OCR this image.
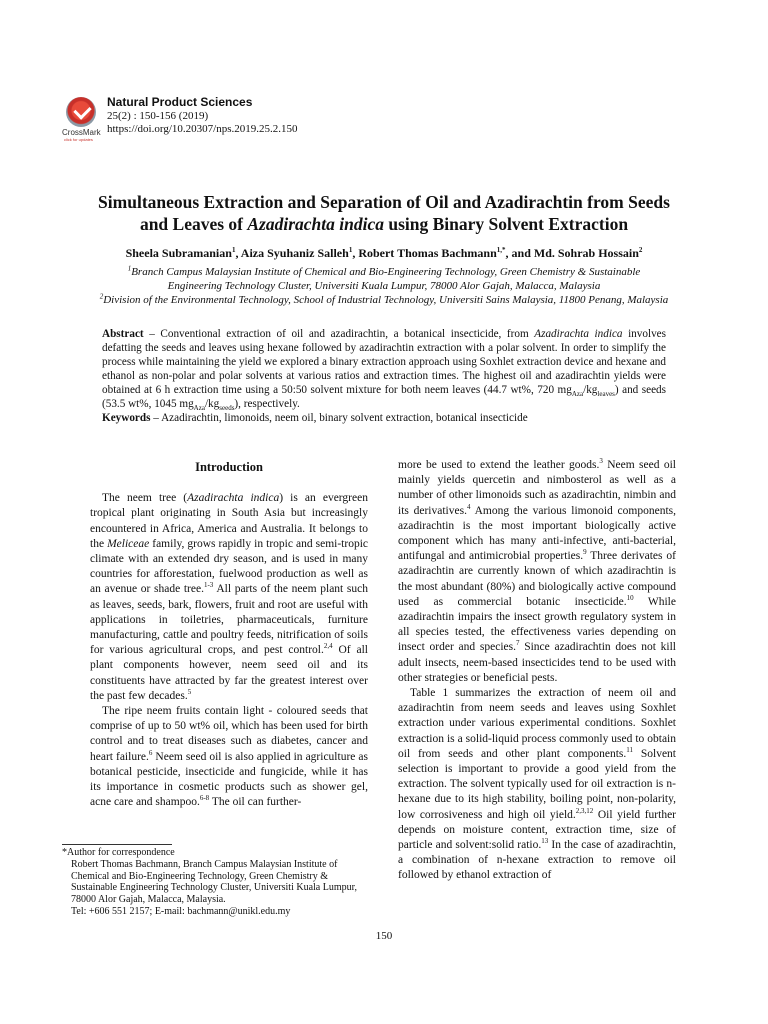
CrossMark
click for updates
Natural Product Sciences
25(2) : 150-156 (2019)
https://doi.org/10.20307/nps.2019.25.2.150
Simultaneous Extraction and Separation of Oil and Azadirachtin from Seeds
and Leaves of Azadirachta indica using Binary Solvent Extraction
Sheela Subramanian$^1$, Aiza Syuhaniz Salleh$^1$, Robert Thomas Bachmann$^{1,*}$, and Md. Sohrab Hossain$^2$
$^1$Branch Campus Malaysian Institute of Chemical and Bio-Engineering Technology, Green Chemistry & Sustainable
Engineering Technology Cluster, Universiti Kuala Lumpur, 78000 Alor Gajah, Malacca, Malaysia
$^2$Division of the Environmental Technology, School of Industrial Technology, Universiti Sains Malaysia, 11800 Penang, Malaysia
Abstract – Conventional extraction of oil and azadirachtin, a botanical insecticide, from Azadirachta indica involves defatting the seeds and leaves using hexane followed by azadirachtin extraction with a polar solvent. In order to simplify the process while maintaining the yield we explored a binary extraction approach using Soxhlet extraction device and hexane and ethanol as non-polar and polar solvents at various ratios and extraction times. The highest oil and azadirachtin yields were obtained at 6 h extraction time using a 50:50 solvent mixture for both neem leaves (44.7 wt%, 720 $mg_{Aza}/kg_{leaves}$) and seeds (53.5 wt%, 1045 $mg_{Aza}/kg_{seeds}$), respectively.
Keywords – Azadirachtin, limonoids, neem oil, binary solvent extraction, botanical insecticide
Introduction

The neem tree (Azadirachta indica) is an evergreen tropical plant originating in South Asia but increasingly encountered in Africa, America and Australia. It belongs to the Meliceae family, grows rapidly in tropic and semi-tropic climate with an extended dry season, and is used in many countries for afforestation, fuelwood production as well as an avenue or shade tree.$^{1-3}$ All parts of the neem plant such as leaves, seeds, bark, flowers, fruit and root are useful with applications in toiletries, pharmaceuticals, furniture manufacturing, cattle and poultry feeds, nitrification of soils for various agricultural crops, and pest control.$^{2,4}$ Of all plant components however, neem seed oil and its constituents have attracted by far the greatest interest over the past few decades.$^5$

The ripe neem fruits contain light - coloured seeds that comprise of up to 50 wt% oil, which has been used for birth control and to treat diseases such as diabetes, cancer and heart failure.$^6$ Neem seed oil is also applied in agriculture as botanical pesticide, insecticide and fungicide, while it has its importance in cosmetic products such as shower gel, acne care and shampoo.$^{6-8}$ The oil can further-

more be used to extend the leather goods.$^3$ Neem seed oil mainly yields quercetin and nimbosterol as well as a number of other limonoids such as azadirachtin, nimbin and its derivatives.$^4$ Among the various limonoid components, azadirachtin is the most important biologically active component which has many anti-infective, anti-bacterial, antifungal and antimicrobial properties.$^9$ Three derivates of azadirachtin are currently known of which azadirachtin is the most abundant (80%) and biologically active compound used as commercial botanic insecticide.$^{10}$ While azadirachtin impairs the insect growth regulatory system in all species tested, the effectiveness varies depending on insect order and species.$^7$ Since azadirachtin does not kill adult insects, neem-based insecticides tend to be used with other strategies or beneficial pests.

Table 1 summarizes the extraction of neem oil and azadirachtin from neem seeds and leaves using Soxhlet extraction under various experimental conditions. Soxhlet extraction is a solid-liquid process commonly used to obtain oil from seeds and other plant components.$^{11}$ Solvent selection is important to provide a good yield from the extraction. The solvent typically used for oil extraction is n-hexane due to its high stability, boiling point, non-polarity, low corrosiveness and high oil yield.$^{2,3,12}$ Oil yield further depends on moisture content, extraction time, size of particle and solvent:solid ratio.$^{13}$ In the case of azadirachtin, a combination of n-hexane extraction to remove oil followed by ethanol extraction of

*Author for correspondence
Robert Thomas Bachmann, Branch Campus Malaysian Institute of Chemical and Bio-Engineering Technology, Green Chemistry & Sustainable Engineering Technology Cluster, Universiti Kuala Lumpur, 78000 Alor Gajah, Malacca, Malaysia.
Tel: +606 551 2157; E-mail: bachmann@unikl.edu.my
150
